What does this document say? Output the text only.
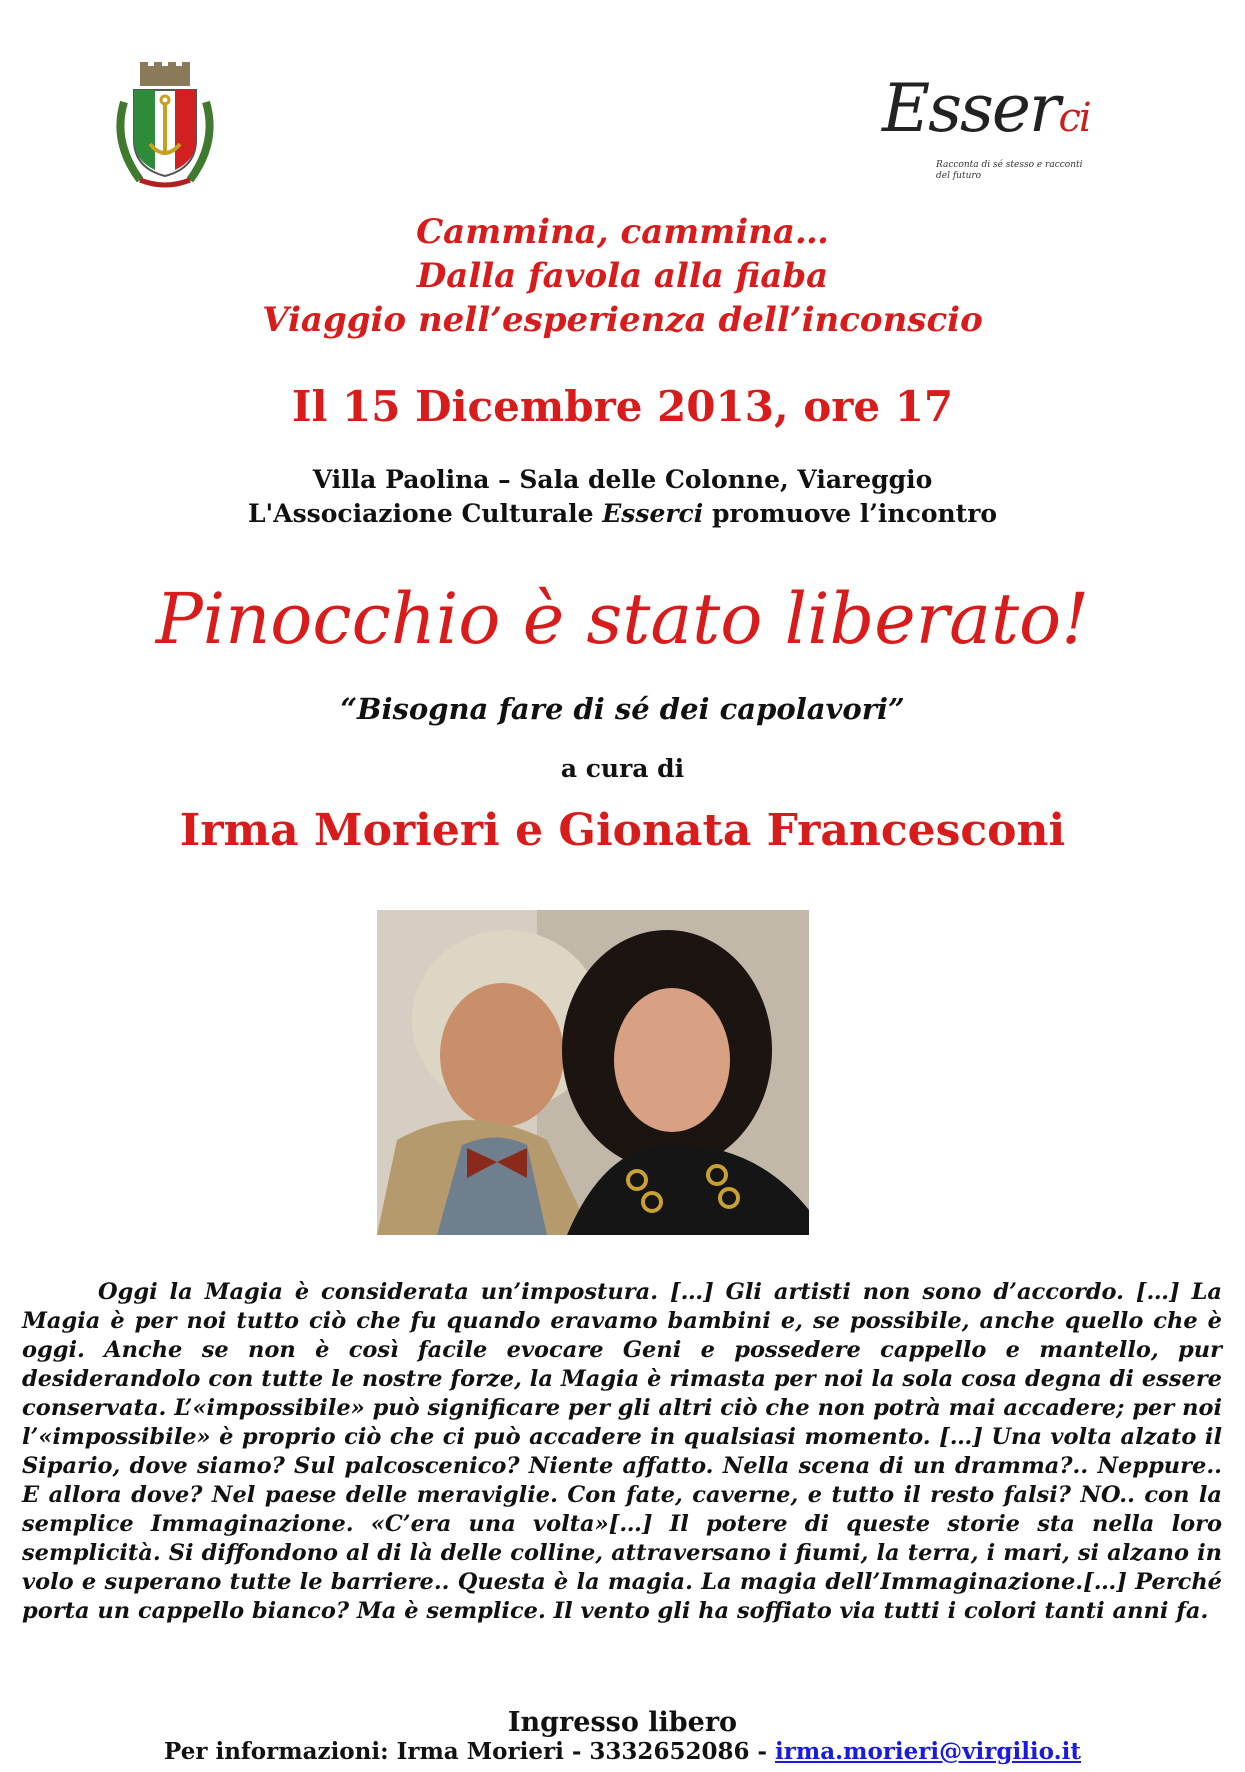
Esserci
Racconta di sé stesso e racconti del futuro
Cammina, cammina…
Dalla favola alla fiaba
Viaggio nell’esperienza dell’inconscio
Il 15 Dicembre 2013, ore 17
Villa Paolina – Sala delle Colonne, Viareggio
L'Associazione Culturale Esserci promuove l’incontro
Pinocchio è stato liberato!
“Bisogna fare di sé dei capolavori”
a cura di
Irma Morieri e Gionata Francesconi
Oggi la Magia è considerata un’impostura. […] Gli artisti non sono d’accordo. […] La Magia è per noi tutto ciò che fu quando eravamo bambini e, se possibile, anche quello che è oggi. Anche se non è così facile evocare Geni e possedere cappello e mantello, pur desiderandolo con tutte le nostre forze, la Magia è rimasta per noi la sola cosa degna di essere conservata. L’«impossibile» può significare per gli altri ciò che non potrà mai accadere; per noi l’«impossibile» è proprio ciò che ci può accadere in qualsiasi momento. […] Una volta alzato il Sipario, dove siamo? Sul palcoscenico? Niente affatto. Nella scena di un dramma?.. Neppure.. E allora dove? Nel paese delle meraviglie. Con fate, caverne, e tutto il resto falsi? NO.. con la semplice Immaginazione. «C’era una volta»[…] Il potere di queste storie sta nella loro semplicità. Si diffondono al di là delle colline, attraversano i fiumi, la terra, i mari, si alzano in volo e superano tutte le barriere.. Questa è la magia. La magia dell’Immaginazione.[…] Perché porta un cappello bianco? Ma è semplice. Il vento gli ha soffiato via tutti i colori tanti anni fa.
Ingresso libero
Per informazioni: Irma Morieri - 3332652086 - irma.morieri@virgilio.it
